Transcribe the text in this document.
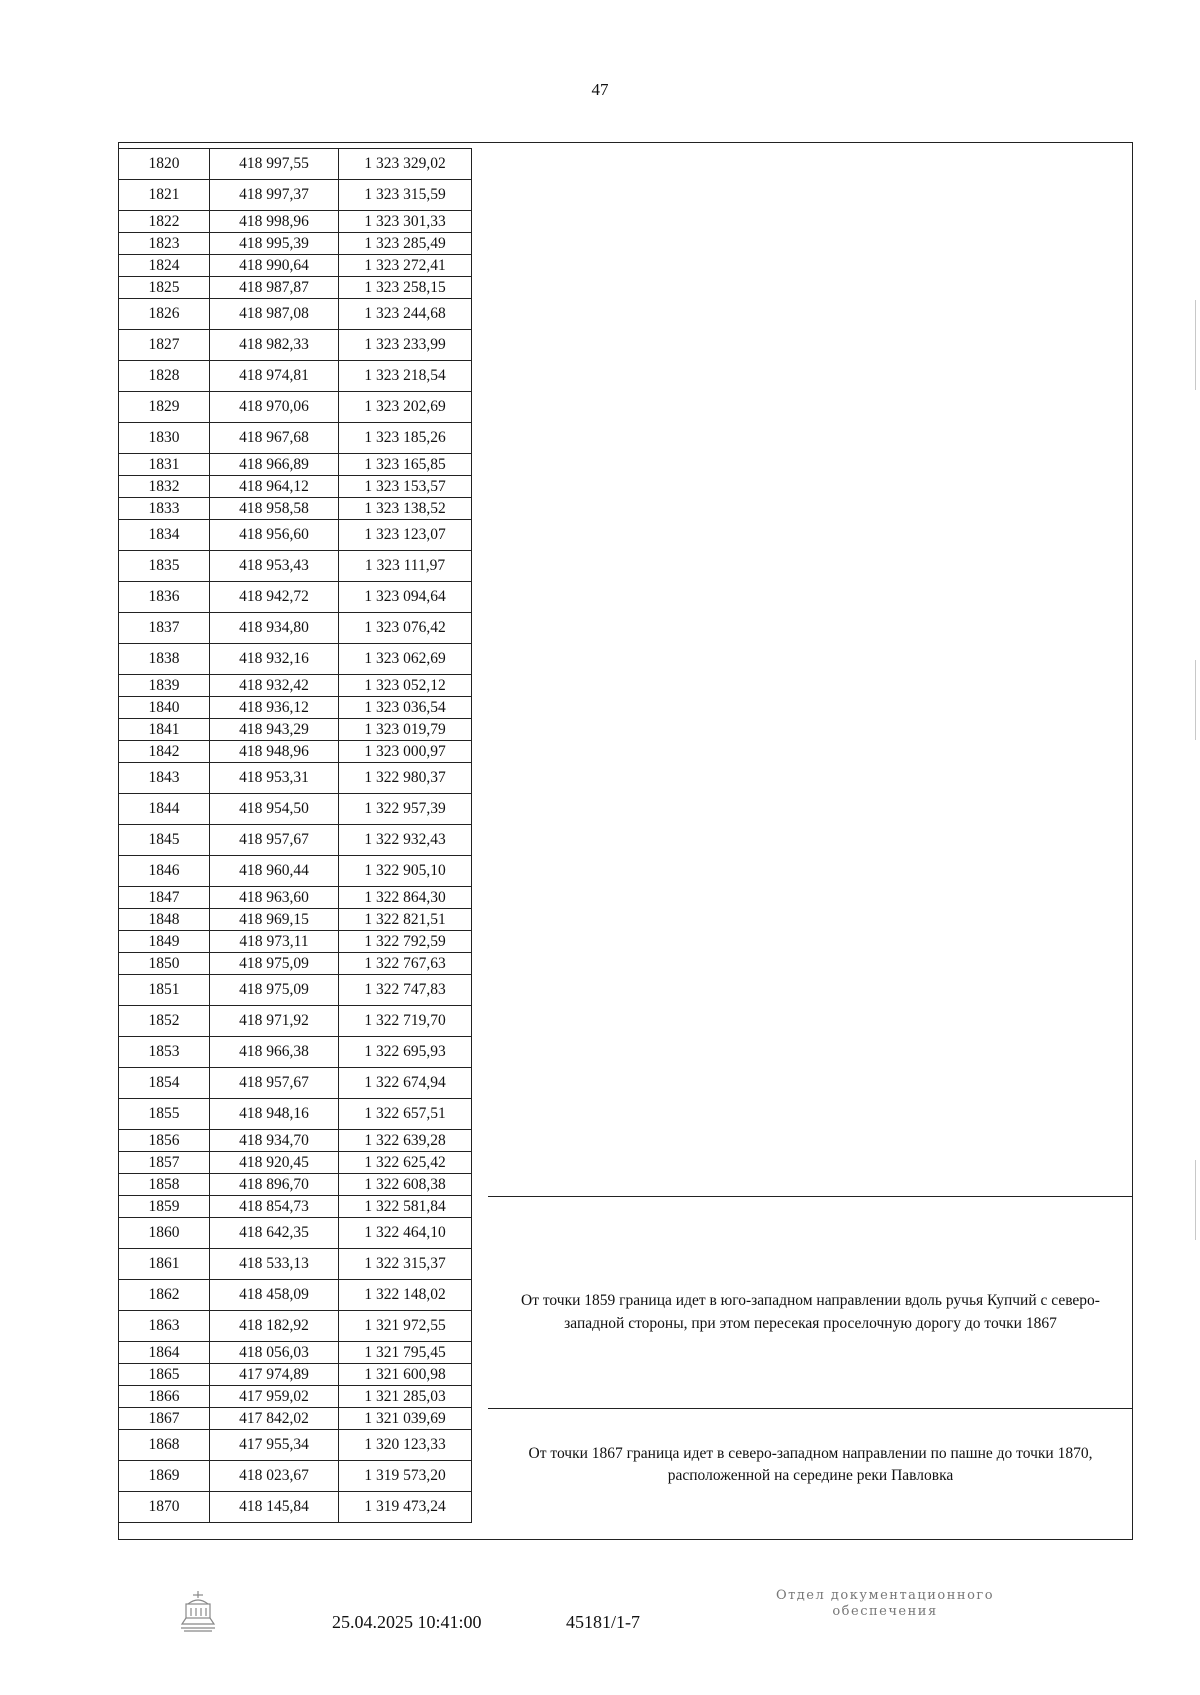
47
1820	418 997,55	1 323 329,02
1821	418 997,37	1 323 315,59
1822	418 998,96	1 323 301,33
1823	418 995,39	1 323 285,49
1824	418 990,64	1 323 272,41
1825	418 987,87	1 323 258,15
1826	418 987,08	1 323 244,68
1827	418 982,33	1 323 233,99
1828	418 974,81	1 323 218,54
1829	418 970,06	1 323 202,69
1830	418 967,68	1 323 185,26
1831	418 966,89	1 323 165,85
1832	418 964,12	1 323 153,57
1833	418 958,58	1 323 138,52
1834	418 956,60	1 323 123,07
1835	418 953,43	1 323 111,97
1836	418 942,72	1 323 094,64
1837	418 934,80	1 323 076,42
1838	418 932,16	1 323 062,69
1839	418 932,42	1 323 052,12
1840	418 936,12	1 323 036,54
1841	418 943,29	1 323 019,79
1842	418 948,96	1 323 000,97
1843	418 953,31	1 322 980,37
1844	418 954,50	1 322 957,39
1845	418 957,67	1 322 932,43
1846	418 960,44	1 322 905,10
1847	418 963,60	1 322 864,30
1848	418 969,15	1 322 821,51
1849	418 973,11	1 322 792,59
1850	418 975,09	1 322 767,63
1851	418 975,09	1 322 747,83
1852	418 971,92	1 322 719,70
1853	418 966,38	1 322 695,93
1854	418 957,67	1 322 674,94
1855	418 948,16	1 322 657,51
1856	418 934,70	1 322 639,28
1857	418 920,45	1 322 625,42
1858	418 896,70	1 322 608,38
1859	418 854,73	1 322 581,84
1860	418 642,35	1 322 464,10
1861	418 533,13	1 322 315,37
1862	418 458,09	1 322 148,02
1863	418 182,92	1 321 972,55
1864	418 056,03	1 321 795,45
1865	417 974,89	1 321 600,98
1866	417 959,02	1 321 285,03
1867	417 842,02	1 321 039,69
1868	417 955,34	1 320 123,33
1869	418 023,67	1 319 573,20
1870	418 145,84	1 319 473,24
От точки 1859 граница идет в юго-западном направлении вдоль ручья Купчий с северо-западной стороны, при этом пересекая проселочную дорогу до точки 1867
От точки 1867 граница идет в северо-западном направлении по пашне до точки 1870, расположенной на середине реки Павловка
25.04.2025 10:41:00	45181/1-7
Отдел документационного обеспечения
